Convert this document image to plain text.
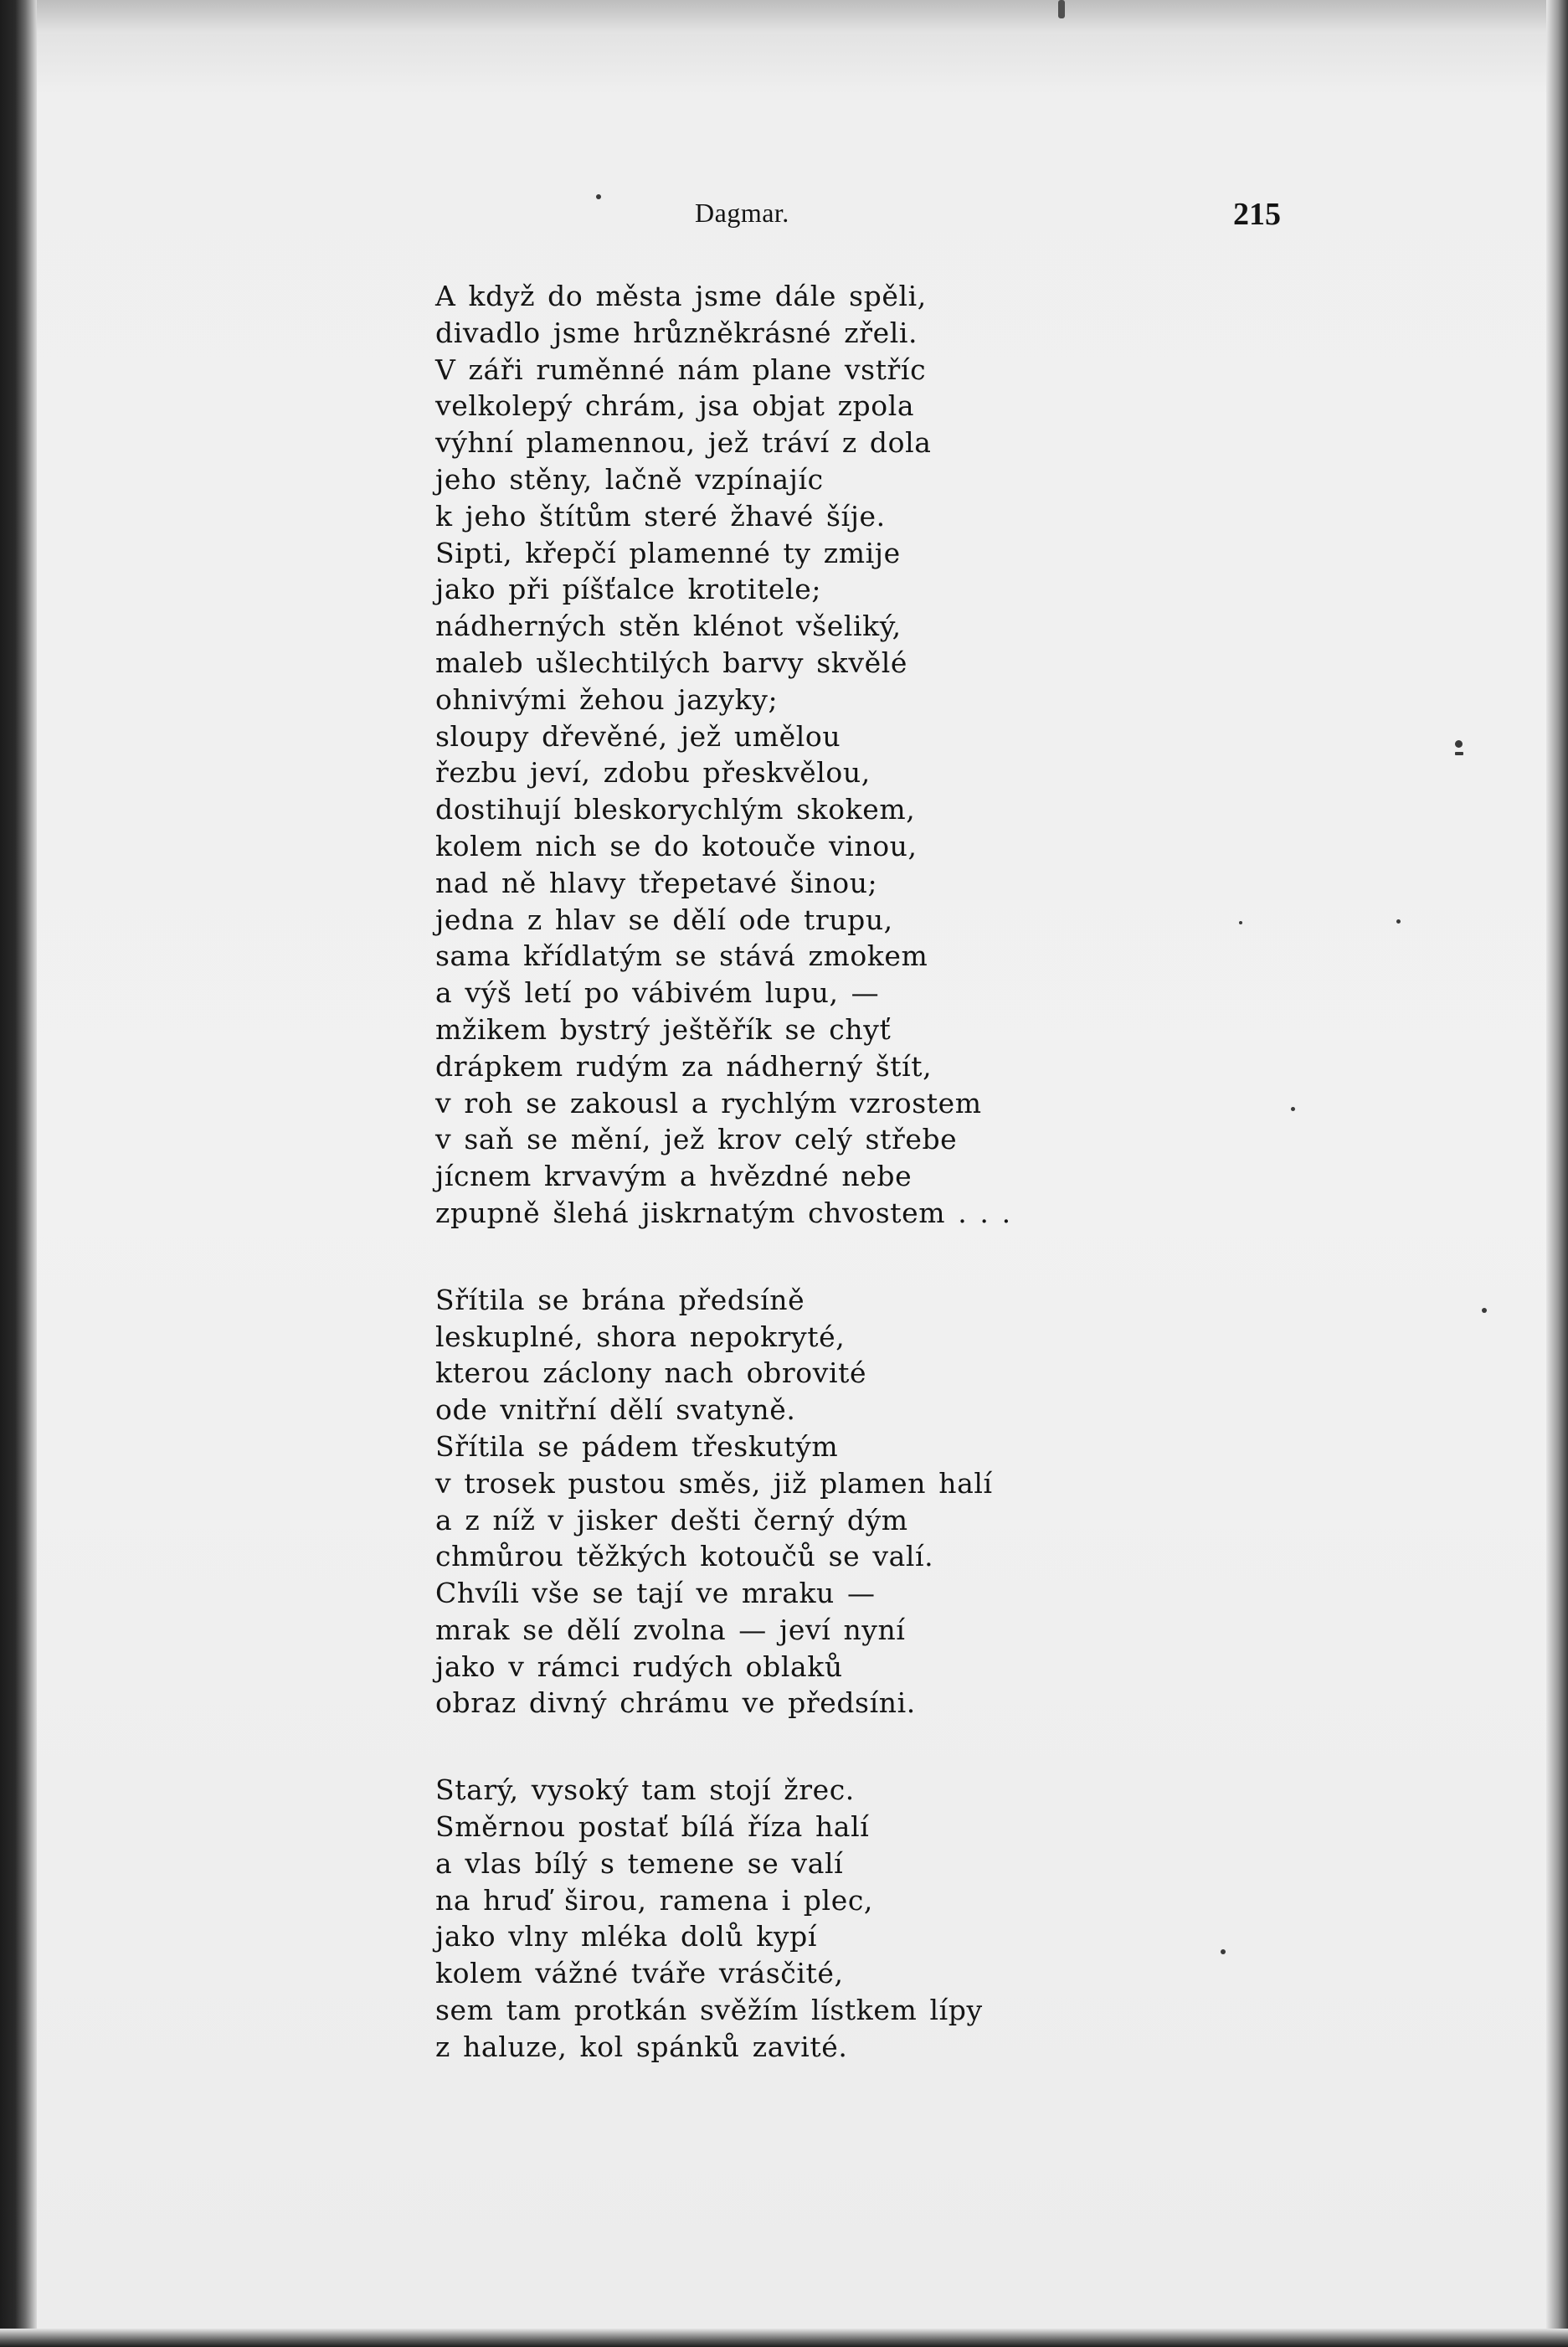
Dagmar.	215
A když do města jsme dále spěli,
divadlo jsme hrůzněkrásné zřeli.
V záři ruměnné nám plane vstříc
velkolepý chrám, jsa objat zpola
výhní plamennou, jež tráví z dola
jeho stěny, lačně vzpínajíc
k jeho štítům steré žhavé šíje.
Sipti, křepčí plamenné ty zmije
jako při píšťalce krotitele;
nádherných stěn klénot všeliký,
maleb ušlechtilých barvy skvělé
ohnivými žehou jazyky;
sloupy dřevěné, jež umělou
řezbu jeví, zdobu přeskvělou,
dostihují bleskorychlým skokem,
kolem nich se do kotouče vinou,
nad ně hlavy třepetavé šinou;
jedna z hlav se dělí ode trupu,
sama křídlatým se stává zmokem
a výš letí po vábivém lupu, —
mžikem bystrý ještěřík se chyť
drápkem rudým za nádherný štít,
v roh se zakousl a rychlým vzrostem
v saň se mění, jež krov celý střebe
jícnem krvavým a hvězdné nebe
zpupně šlehá jiskrnatým chvostem . . .
Sřítila se brána předsíně
leskuplné, shora nepokryté,
kterou záclony nach obrovité
ode vnitřní dělí svatyně.
Sřítila se pádem třeskutým
v trosek pustou směs, již plamen halí
a z níž v jisker dešti černý dým
chmůrou těžkých kotoučů se valí.
Chvíli vše se tají ve mraku —
mrak se dělí zvolna — jeví nyní
jako v rámci rudých oblaků
obraz divný chrámu ve předsíni.
Starý, vysoký tam stojí žrec.
Směrnou postať bílá říza halí
a vlas bílý s temene se valí
na hruď širou, ramena i plec,
jako vlny mléka dolů kypí
kolem vážné tváře vrásčité,
sem tam protkán svěžím lístkem lípy
z haluze, kol spánků zavité.
